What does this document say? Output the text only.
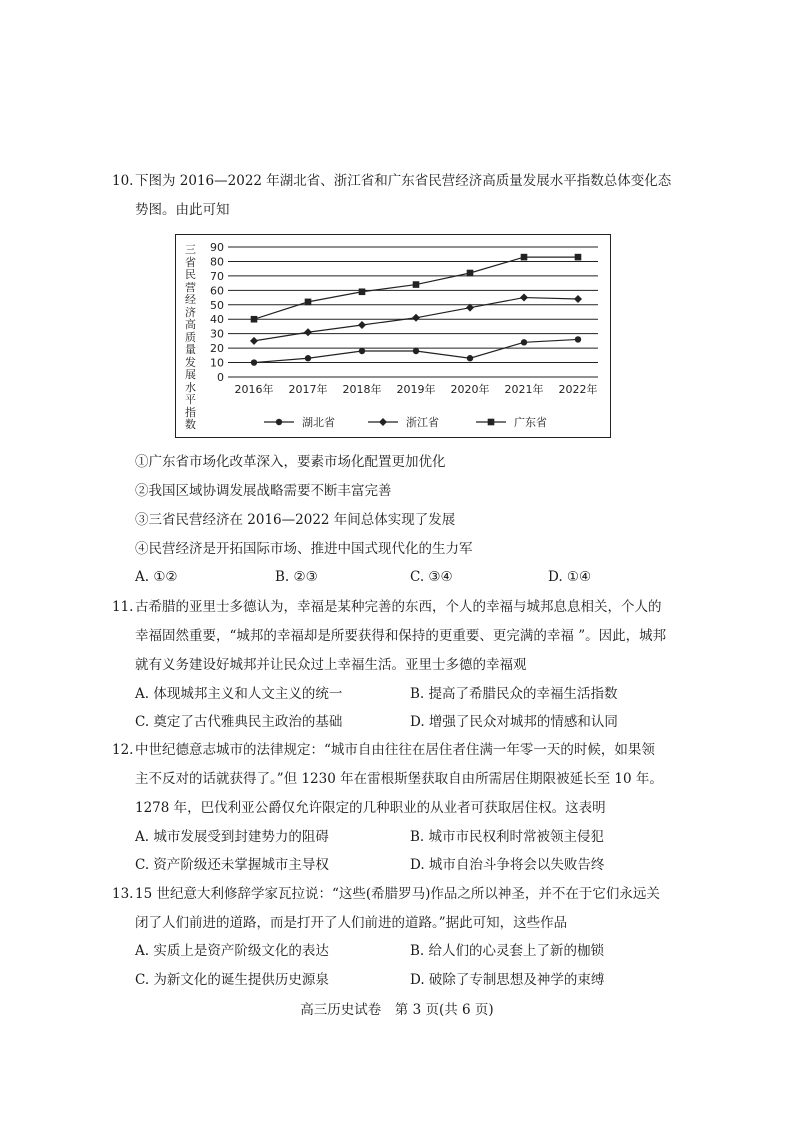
10. 下图为 2016—2022 年湖北省、浙江省和广东省民营经济高质量发展水平指数总体变化态
势图。由此可知
三
省
民
营
经
济
高
质
量
发
展
水
平
指
数
0
10
20
30
40
50
60
70
80
90
2016年 2017年 2018年 2019年 2020年 2021年 2022年
湖北省	浙江省	广东省
①广东省市场化改革深入，要素市场化配置更加优化
②我国区域协调发展战略需要不断丰富完善
③三省民营经济在 2016—2022 年间总体实现了发展
④民营经济是开拓国际市场、推进中国式现代化的生力军
A. ①②	B. ②③	C. ③④	D. ①④
11. 古希腊的亚里士多德认为，幸福是某种完善的东西，个人的幸福与城邦息息相关，个人的
幸福固然重要，“城邦的幸福却是所要获得和保持的更重要、更完满的幸福 ”。因此，城邦
就有义务建设好城邦并让民众过上幸福生活。亚里士多德的幸福观
A. 体现城邦主义和人文主义的统一	B. 提高了希腊民众的幸福生活指数
C. 奠定了古代雅典民主政治的基础	D. 增强了民众对城邦的情感和认同
12. 中世纪德意志城市的法律规定：“城市自由往往在居住者住满一年零一天的时候，如果领
主不反对的话就获得了。”但 1230 年在雷根斯堡获取自由所需居住期限被延长至 10 年。
1278 年，巴伐利亚公爵仅允许限定的几种职业的从业者可获取居住权。这表明
A. 城市发展受到封建势力的阻碍	B. 城市市民权利时常被领主侵犯
C. 资产阶级还未掌握城市主导权	D. 城市自治斗争将会以失败告终
13. 15 世纪意大利修辞学家瓦拉说：“这些(希腊罗马)作品之所以神圣，并不在于它们永远关
闭了人们前进的道路，而是打开了人们前进的道路。”据此可知，这些作品
A. 实质上是资产阶级文化的表达	B. 给人们的心灵套上了新的枷锁
C. 为新文化的诞生提供历史源泉	D. 破除了专制思想及神学的束缚
高三历史试卷　第 3 页(共 6 页)
